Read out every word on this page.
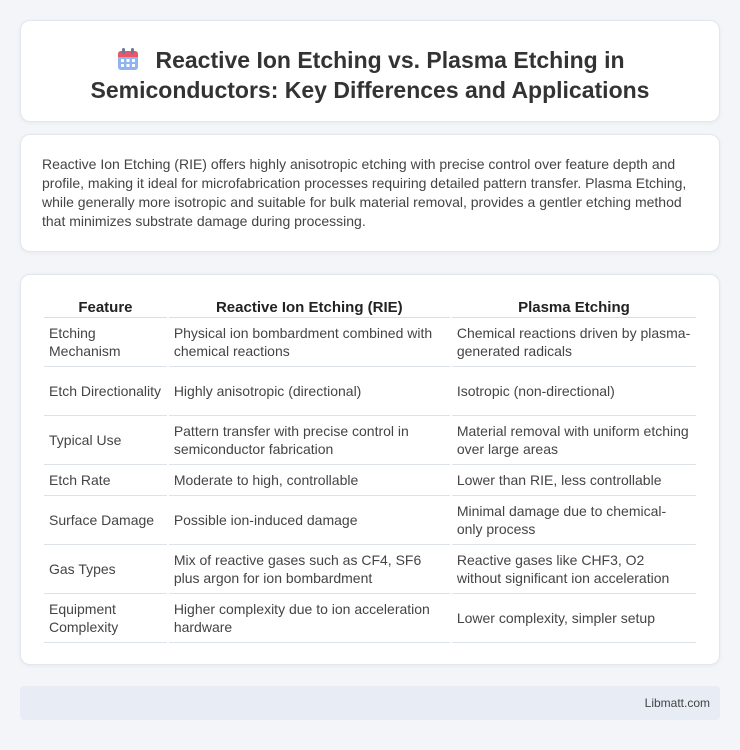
Reactive Ion Etching vs. Plasma Etching in Semiconductors: Key Differences and Applications

Reactive Ion Etching (RIE) offers highly anisotropic etching with precise control over feature depth and profile, making it ideal for microfabrication processes requiring detailed pattern transfer. Plasma Etching, while generally more isotropic and suitable for bulk material removal, provides a gentler etching method that minimizes substrate damage during processing.

Feature	Reactive Ion Etching (RIE)	Plasma Etching
Etching Mechanism	Physical ion bombardment combined with chemical reactions	Chemical reactions driven by plasma-generated radicals
Etch Directionality	Highly anisotropic (directional)	Isotropic (non-directional)
Typical Use	Pattern transfer with precise control in semiconductor fabrication	Material removal with uniform etching over large areas
Etch Rate	Moderate to high, controllable	Lower than RIE, less controllable
Surface Damage	Possible ion-induced damage	Minimal damage due to chemical-only process
Gas Types	Mix of reactive gases such as CF4, SF6 plus argon for ion bombardment	Reactive gases like CHF3, O2 without significant ion acceleration
Equipment Complexity	Higher complexity due to ion acceleration hardware	Lower complexity, simpler setup
Libmatt.com
